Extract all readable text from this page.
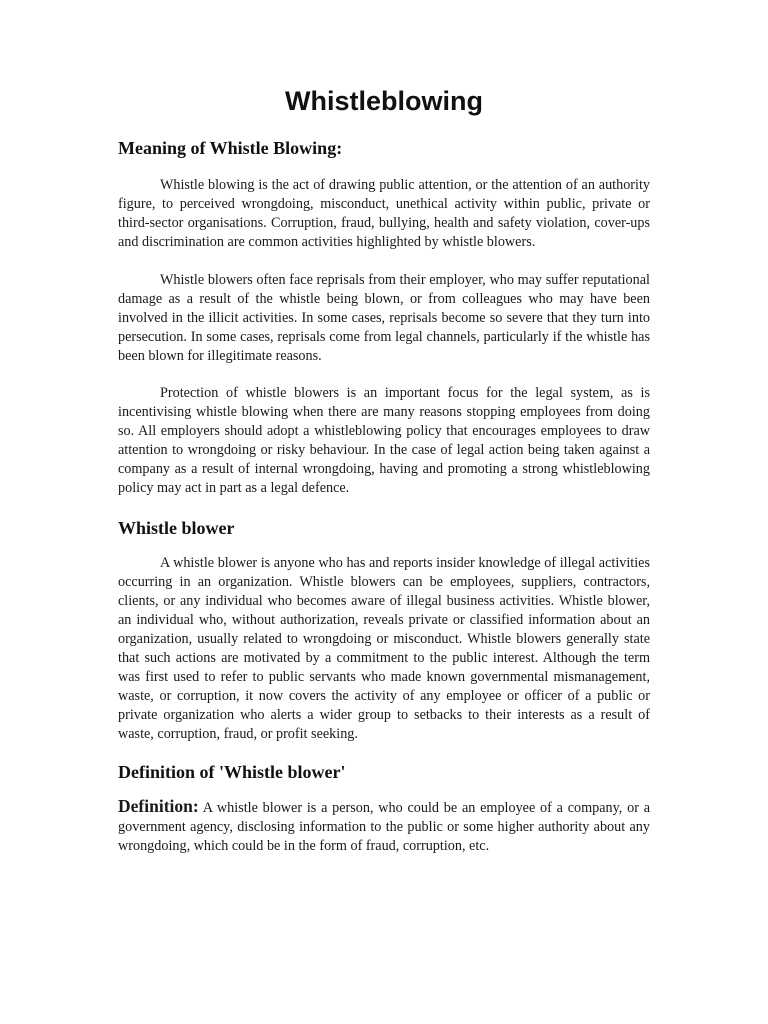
Whistleblowing
Meaning of Whistle Blowing:

Whistle blowing is the act of drawing public attention, or the attention of an authority figure, to perceived wrongdoing, misconduct, unethical activity within public, private or third-sector organisations. Corruption, fraud, bullying, health and safety violation, cover-ups and discrimination are common activities highlighted by whistle blowers.

Whistle blowers often face reprisals from their employer, who may suffer reputational damage as a result of the whistle being blown, or from colleagues who may have been involved in the illicit activities. In some cases, reprisals become so severe that they turn into persecution. In some cases, reprisals come from legal channels, particularly if the whistle has been blown for illegitimate reasons.

Protection of whistle blowers is an important focus for the legal system, as is incentivising whistle blowing when there are many reasons stopping employees from doing so. All employers should adopt a whistleblowing policy that encourages employees to draw attention to wrongdoing or risky behaviour. In the case of legal action being taken against a company as a result of internal wrongdoing, having and promoting a strong whistleblowing policy may act in part as a legal defence.

Whistle blower

A whistle blower is anyone who has and reports insider knowledge of illegal activities occurring in an organization. Whistle blowers can be employees, suppliers, contractors, clients, or any individual who becomes aware of illegal business activities. Whistle blower, an individual who, without authorization, reveals private or classified information about an organization, usually related to wrongdoing or misconduct. Whistle blowers generally state that such actions are motivated by a commitment to the public interest. Although the term was first used to refer to public servants who made known governmental mismanagement, waste, or corruption, it now covers the activity of any employee or officer of a public or private organization who alerts a wider group to setbacks to their interests as a result of waste, corruption, fraud, or profit seeking.

Definition of 'Whistle blower'

Definition: A whistle blower is a person, who could be an employee of a company, or a government agency, disclosing information to the public or some higher authority about any wrongdoing, which could be in the form of fraud, corruption, etc.
